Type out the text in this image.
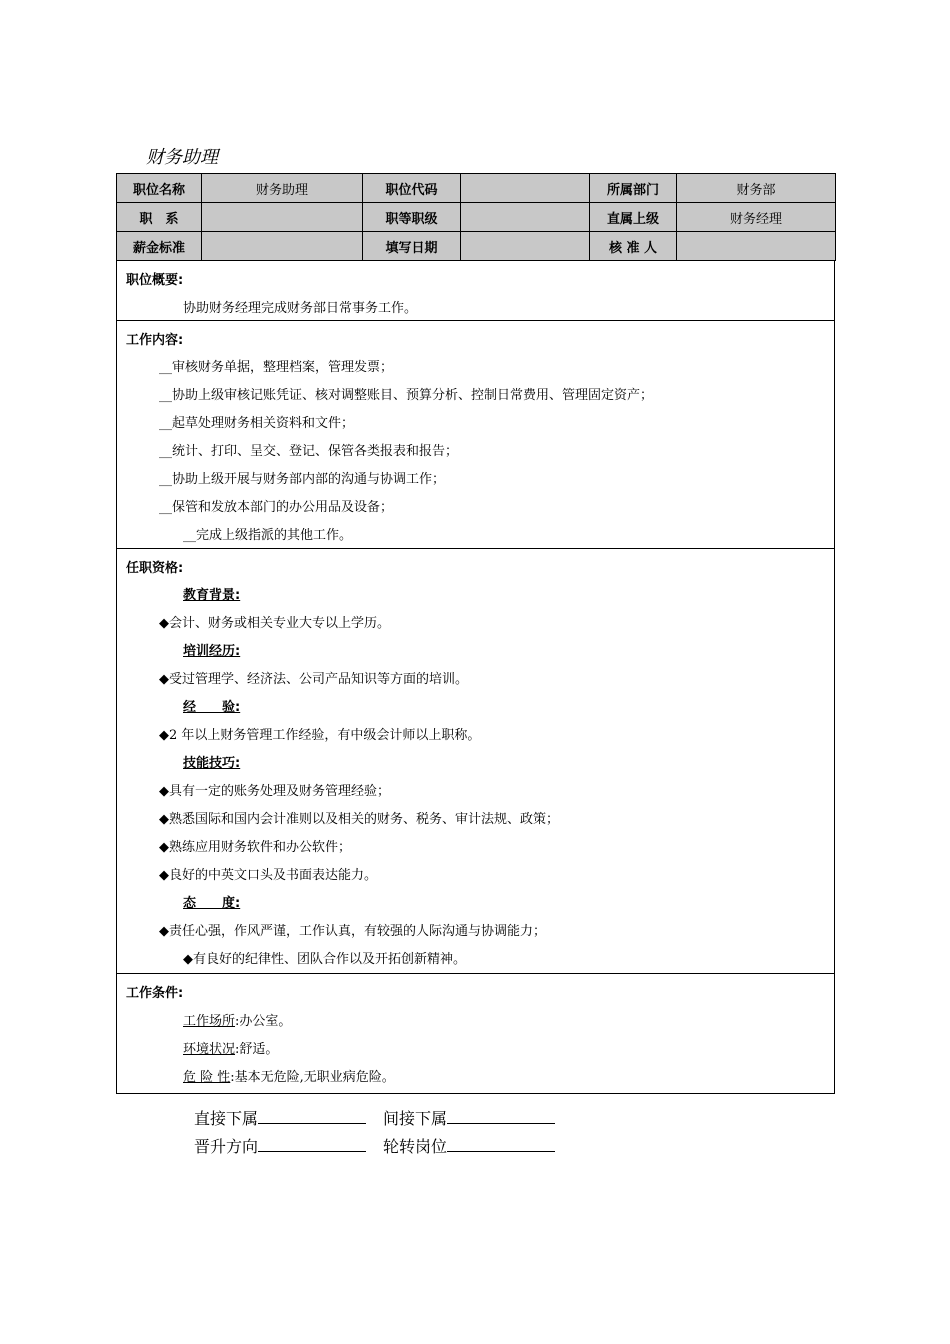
财务助理
职位名称	财务助理	职位代码		所属部门	财务部
职　系		职等职级		直属上级	财务经理
薪金标准		填写日期		核 准 人	
职位概要:
协助财务经理完成财务部日常事务工作。
工作内容:
__审核财务单据，整理档案，管理发票；
__协助上级审核记账凭证、核对调整账目、预算分析、控制日常费用、管理固定资产；
__起草处理财务相关资料和文件；
__统计、打印、呈交、登记、保管各类报表和报告；
__协助上级开展与财务部内部的沟通与协调工作；
__保管和发放本部门的办公用品及设备；
__完成上级指派的其他工作。
任职资格:
教育背景:
◆会计、财务或相关专业大专以上学历。
培训经历:
◆受过管理学、经济法、公司产品知识等方面的培训。
经　　验:
◆2 年以上财务管理工作经验，有中级会计师以上职称。
技能技巧:
◆具有一定的账务处理及财务管理经验；
◆熟悉国际和国内会计准则以及相关的财务、税务、审计法规、政策；
◆熟练应用财务软件和办公软件；
◆良好的中英文口头及书面表达能力。
态　　度:
◆责任心强，作风严谨，工作认真，有较强的人际沟通与协调能力；
◆有良好的纪律性、团队合作以及开拓创新精神。
工作条件:
工作场所:办公室。
环境状况:舒适。
危 险 性:基本无危险,无职业病危险。
直接下属	间接下属
晋升方向	轮转岗位
